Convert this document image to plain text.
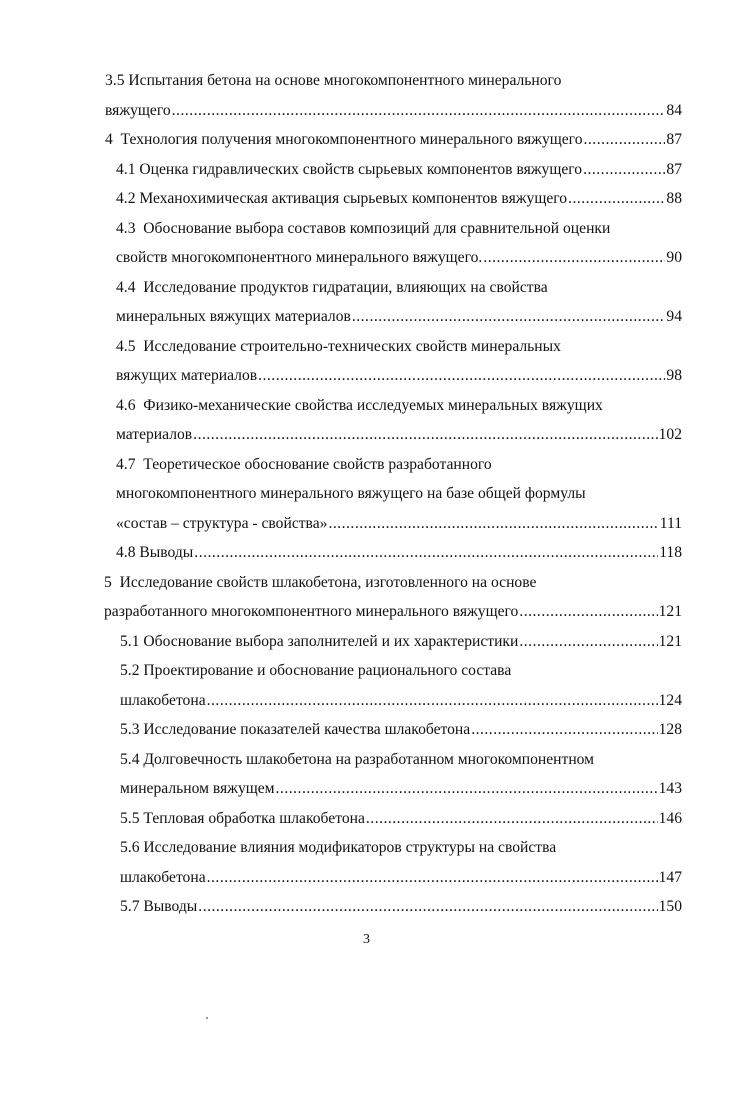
3.5 Испытания бетона на основе многокомпонентного минерального
вяжущего .....	84
4  Технология получения многокомпонентного минерального вяжущего .....	87
4.1 Оценка гидравлических свойств сырьевых компонентов вяжущего .....	87
4.2 Механохимическая активация сырьевых компонентов вяжущего .....	88
4.3  Обоснование выбора составов композиций для сравнительной оценки
свойств многокомпонентного минерального вяжущего. .....	90
4.4  Исследование продуктов гидратации, влияющих на свойства
минеральных вяжущих материалов .....	94
4.5  Исследование строительно-технических свойств минеральных
вяжущих материалов .....	98
4.6  Физико-механические свойства исследуемых минеральных вяжущих
материалов .....	102
4.7  Теоретическое обоснование свойств разработанного
многокомпонентного минерального вяжущего на базе общей формулы
«состав – структура - свойства» .....	111
4.8 Выводы .....	118
5  Исследование свойств шлакобетона, изготовленного на основе
разработанного многокомпонентного минерального вяжущего .....	121
5.1 Обоснование выбора заполнителей и их характеристики .....	121
5.2 Проектирование и обоснование рационального состава
шлакобетона .....	124
5.3 Исследование показателей качества шлакобетона .....	128
5.4 Долговечность шлакобетона на разработанном многокомпонентном
минеральном вяжущем .....	143
5.5 Тепловая обработка шлакобетона .....	146
5.6 Исследование влияния модификаторов структуры на свойства
шлакобетона .....	147
5.7 Выводы .....	150
3
